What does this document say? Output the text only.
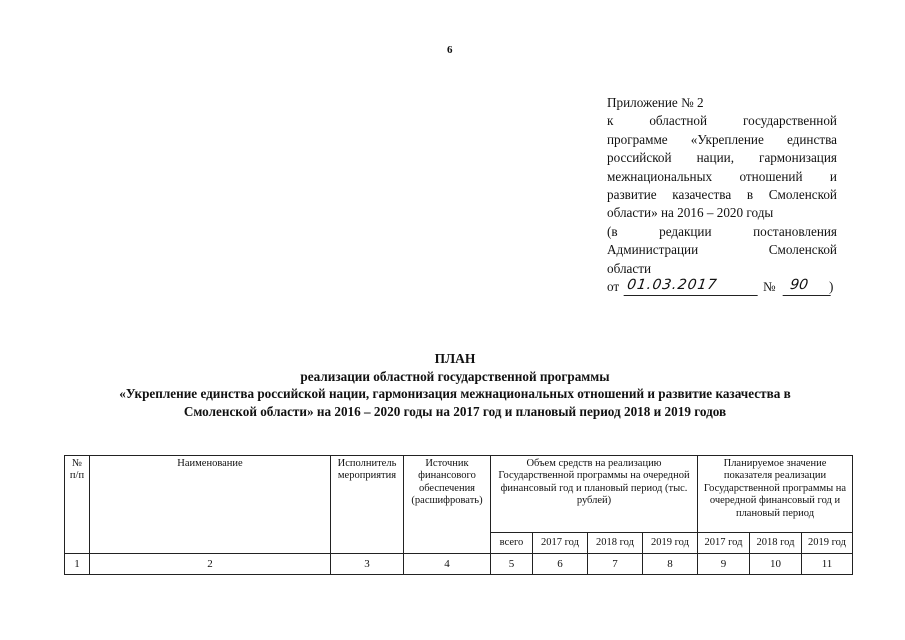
6
Приложение № 2
к областной государственной
программе «Укрепление единства
российской нации, гармонизация
межнациональных отношений и
развитие казачества в Смоленской
области» на 2016 – 2020 годы
(в редакции постановления
Администрации Смоленской
области
от 01.03.2017	№ 90	)
ПЛАН
реализации областной государственной программы
«Укрепление единства российской нации, гармонизация межнациональных отношений и развитие казачества в
Смоленской области» на 2016 – 2020 годы на 2017 год и плановый период 2018 и 2019 годов
№ п/п	Наименование	Исполнитель мероприятия	Источник финансового обеспечения (расшифровать)	Объем средств на реализацию Государственной программы на очередной финансовый год и плановый период (тыс. рублей)				Планируемое значение показателя реализации Государственной программы на очередной финансовый год и плановый период		
				всего	2017 год	2018 год	2019 год	2017 год	2018 год	2019 год
1	2	3	4	5	6	7	8	9	10	11
